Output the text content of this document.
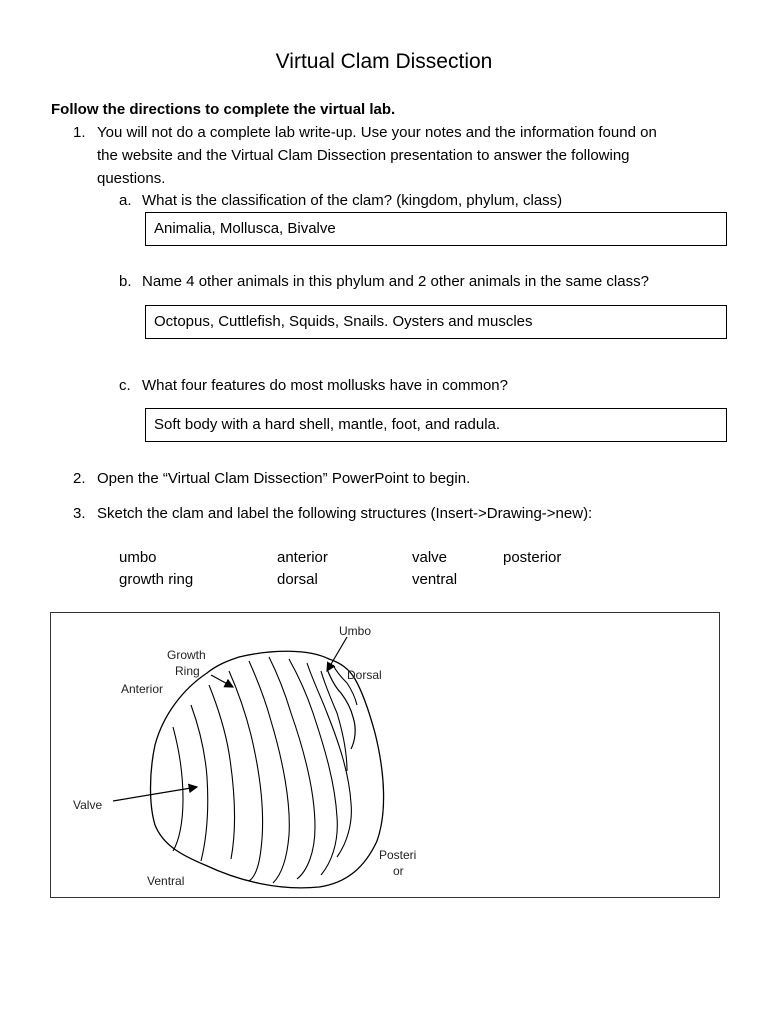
Virtual Clam Dissection

Follow the directions to complete the virtual lab.

1. You will not do a complete lab write-up. Use your notes and the information found on
the website and the Virtual Clam Dissection presentation to answer the following
questions.
a. What is the classification of the clam? (kingdom, phylum, class)
Animalia, Mollusca, Bivalve
b. Name 4 other animals in this phylum and 2 other animals in the same class?
Octopus, Cuttlefish, Squids, Snails. Oysters and muscles
c. What four features do most mollusks have in common?
Soft body with a hard shell, mantle, foot, and radula.
2. Open the “Virtual Clam Dissection” PowerPoint to begin.
3. Sketch the clam and label the following structures (Insert->Drawing->new):
umbo	anterior	valve	posterior
growth ring	dorsal	ventral
Umbo
Growth
Ring
Anterior
Dorsal
Valve
Posteri
or
Ventral
